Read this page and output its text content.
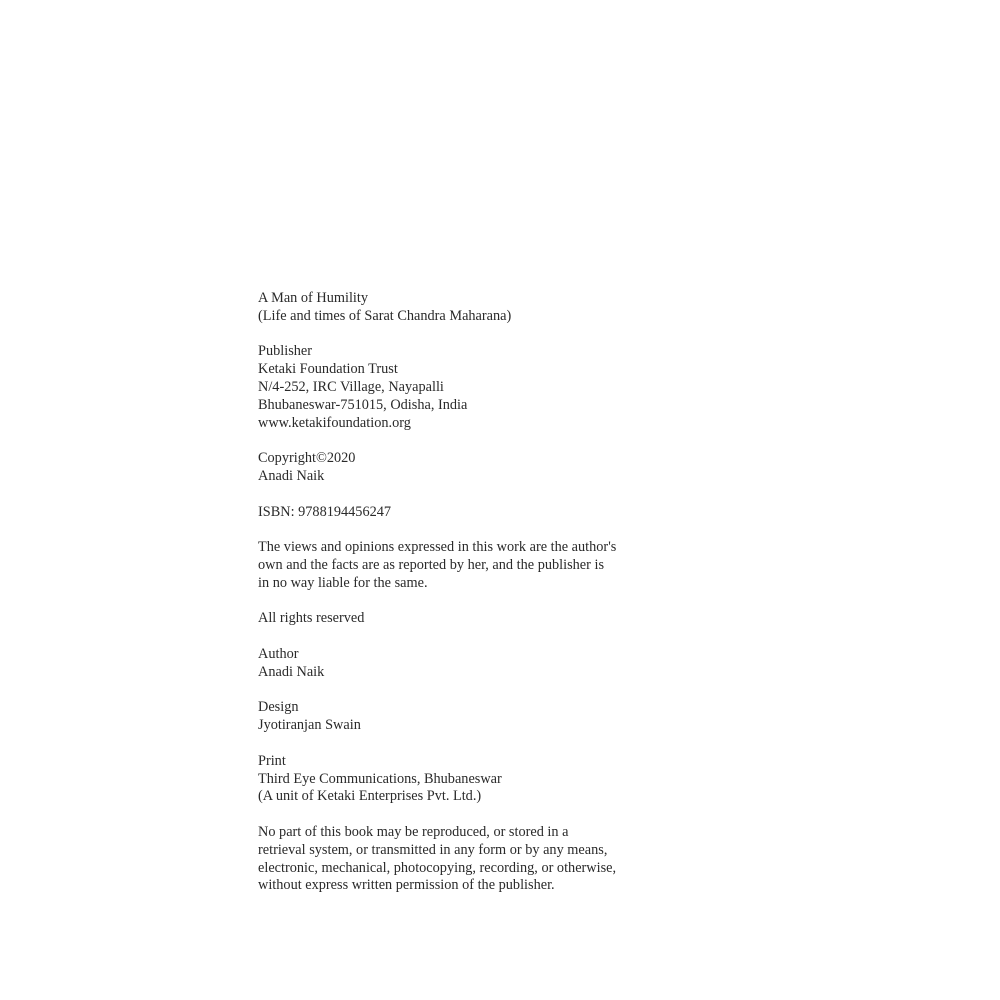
A Man of Humility
(Life and times of Sarat Chandra Maharana)
Publisher
Ketaki Foundation Trust
N/4-252, IRC Village, Nayapalli
Bhubaneswar-751015, Odisha, India
www.ketakifoundation.org
Copyright©2020
Anadi Naik
ISBN: 9788194456247
The views and opinions expressed in this work are the author's
own and the facts are as reported by her, and the publisher is
in no way liable for the same.
All rights reserved
Author
Anadi Naik
Design
Jyotiranjan Swain
Print
Third Eye Communications, Bhubaneswar
(A unit of Ketaki Enterprises Pvt. Ltd.)
No part of this book may be reproduced, or stored in a
retrieval system, or transmitted in any form or by any means,
electronic, mechanical, photocopying, recording, or otherwise,
without express written permission of the publisher.
